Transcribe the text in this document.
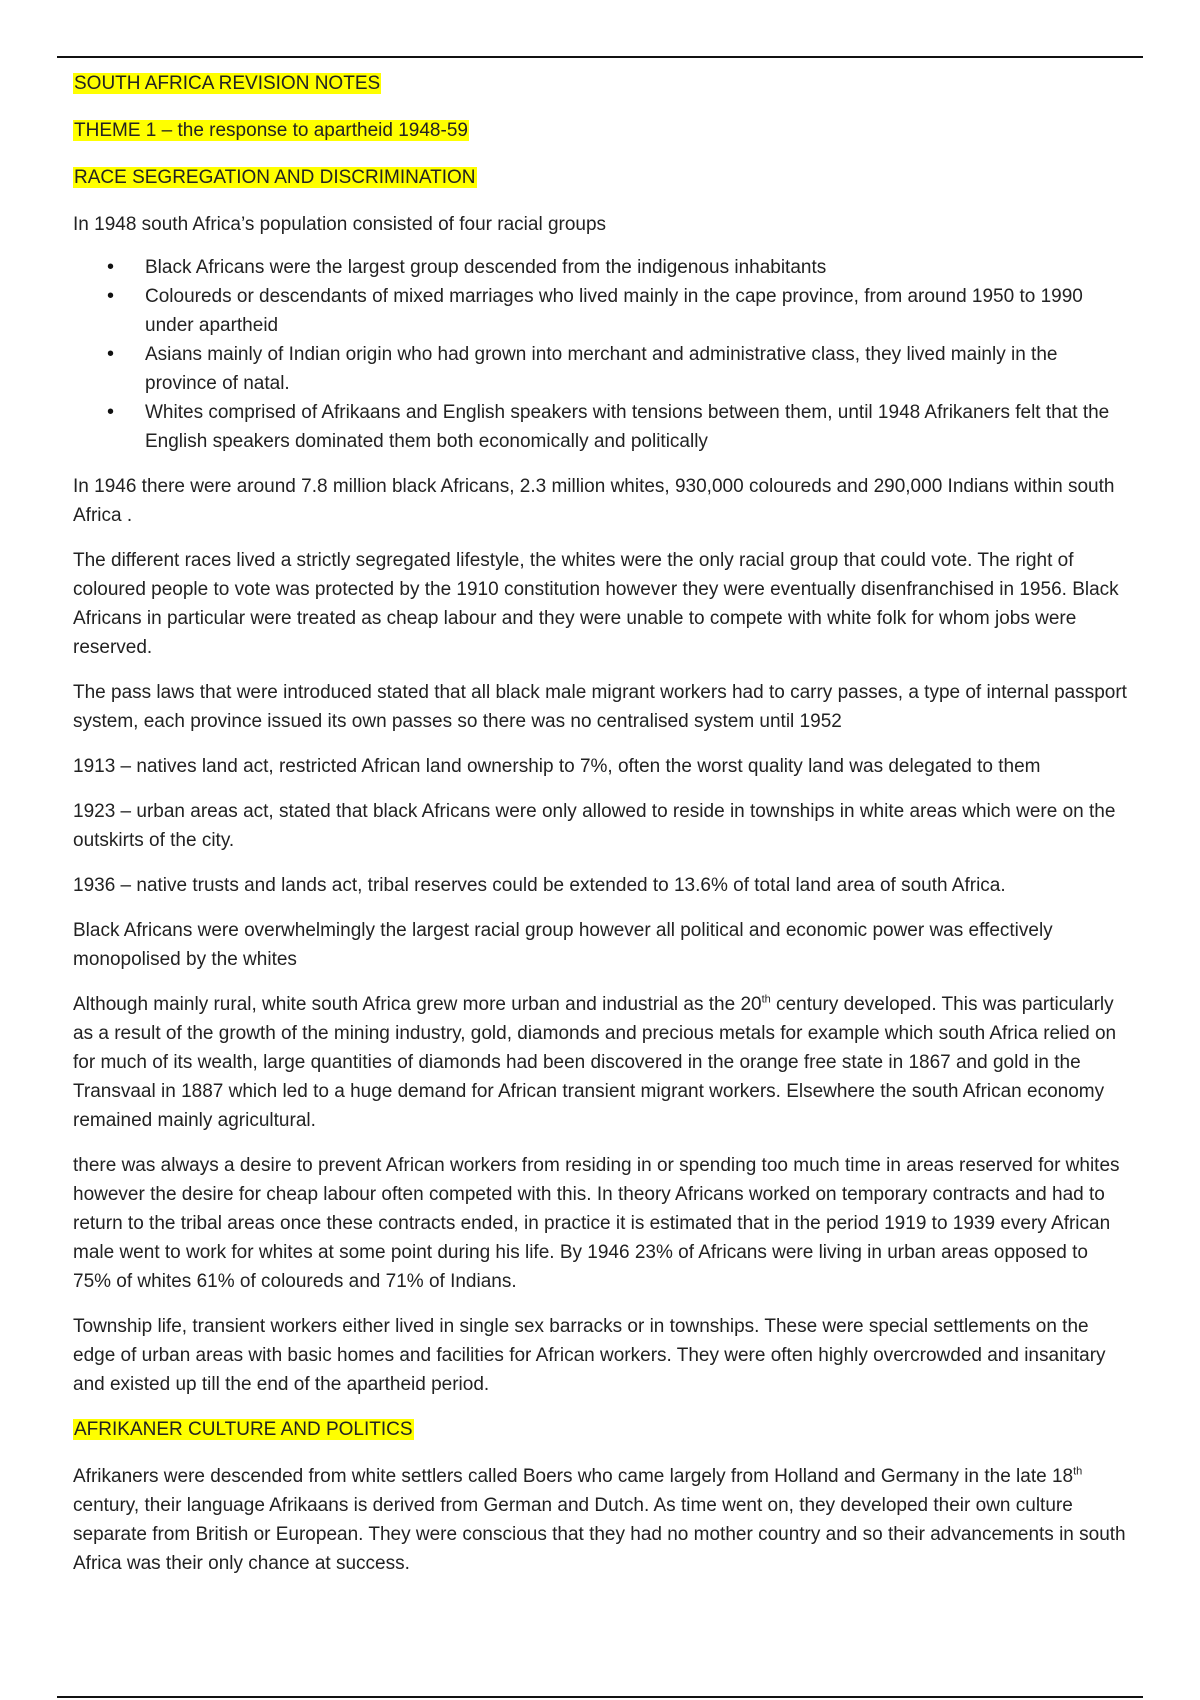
SOUTH AFRICA REVISION NOTES
THEME 1 – the response to apartheid 1948-59
RACE SEGREGATION AND DISCRIMINATION

In 1948 south Africa’s population consisted of four racial groups

• Black Africans were the largest group descended from the indigenous inhabitants
• Coloureds or descendants of mixed marriages who lived mainly in the cape province, from around 1950 to 1990 under apartheid
• Asians mainly of Indian origin who had grown into merchant and administrative class, they lived mainly in the province of natal.
• Whites comprised of Afrikaans and English speakers with tensions between them, until 1948 Afrikaners felt that the English speakers dominated them both economically and politically

In 1946 there were around 7.8 million black Africans, 2.3 million whites, 930,000 coloureds and 290,000 Indians within south Africa .

The different races lived a strictly segregated lifestyle, the whites were the only racial group that could vote. The right of coloured people to vote was protected by the 1910 constitution however they were eventually disenfranchised in 1956. Black Africans in particular were treated as cheap labour and they were unable to compete with white folk for whom jobs were reserved.

The pass laws that were introduced stated that all black male migrant workers had to carry passes, a type of internal passport system, each province issued its own passes so there was no centralised system until 1952

1913 – natives land act, restricted African land ownership to 7%, often the worst quality land was delegated to them

1923 – urban areas act, stated that black Africans were only allowed to reside in townships in white areas which were on the outskirts of the city.

1936 – native trusts and lands act, tribal reserves could be extended to 13.6% of total land area of south Africa.

Black Africans were overwhelmingly the largest racial group however all political and economic power was effectively monopolised by the whites

Although mainly rural, white south Africa grew more urban and industrial as the 20th century developed. This was particularly as a result of the growth of the mining industry, gold, diamonds and precious metals for example which south Africa relied on for much of its wealth, large quantities of diamonds had been discovered in the orange free state in 1867 and gold in the Transvaal in 1887 which led to a huge demand for African transient migrant workers. Elsewhere the south African economy remained mainly agricultural.

there was always a desire to prevent African workers from residing in or spending too much time in areas reserved for whites however the desire for cheap labour often competed with this. In theory Africans worked on temporary contracts and had to return to the tribal areas once these contracts ended, in practice it is estimated that in the period 1919 to 1939 every African male went to work for whites at some point during his life. By 1946 23% of Africans were living in urban areas opposed to 75% of whites 61% of coloureds and 71% of Indians.

Township life, transient workers either lived in single sex barracks or in townships. These were special settlements on the edge of urban areas with basic homes and facilities for African workers. They were often highly overcrowded and insanitary and existed up till the end of the apartheid period.

AFRIKANER CULTURE AND POLITICS

Afrikaners were descended from white settlers called Boers who came largely from Holland and Germany in the late 18th century, their language Afrikaans is derived from German and Dutch. As time went on, they developed their own culture separate from British or European. They were conscious that they had no mother country and so their advancements in south Africa was their only chance at success.
